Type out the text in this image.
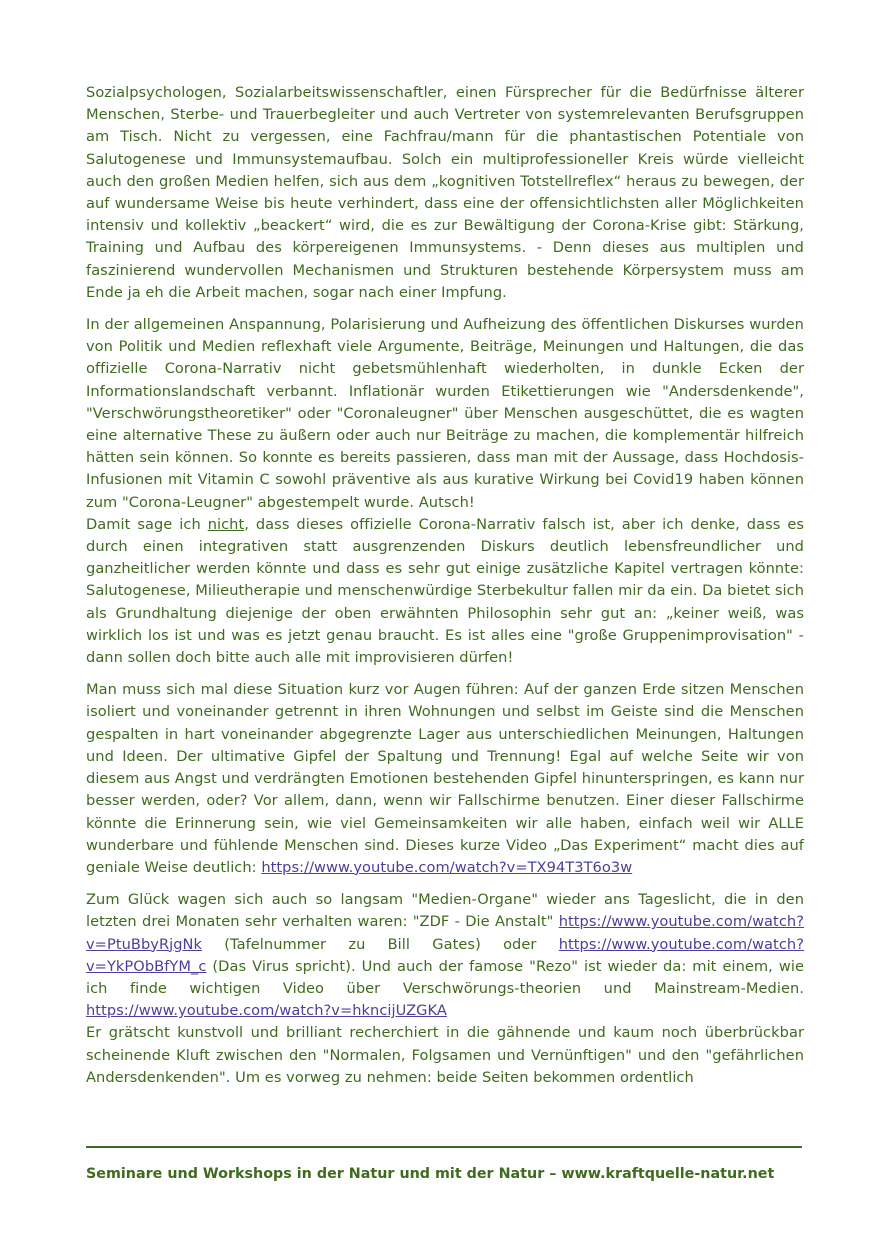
Sozialpsychologen, Sozialarbeitswissenschaftler, einen Fürsprecher für die Bedürfnisse älterer Menschen, Sterbe- und Trauerbegleiter und auch Vertreter von systemrelevanten Berufsgruppen am Tisch. Nicht zu vergessen, eine Fachfrau/mann für die phantastischen Potentiale von Salutogenese und Immunsystemaufbau. Solch ein multiprofessioneller Kreis würde vielleicht auch den großen Medien helfen, sich aus dem „kognitiven Totstellreflex“ heraus zu bewegen, der auf wundersame Weise bis heute verhindert, dass eine der offensichtlichsten aller Möglichkeiten intensiv und kollektiv „beackert“ wird, die es zur Bewältigung der Corona-Krise gibt: Stärkung, Training und Aufbau des körpereigenen Immunsystems. - Denn dieses aus multiplen und faszinierend wundervollen Mechanismen und Strukturen bestehende Körpersystem muss am Ende ja eh die Arbeit machen, sogar nach einer Impfung.

In der allgemeinen Anspannung, Polarisierung und Aufheizung des öffentlichen Diskurses wurden von Politik und Medien reflexhaft viele Argumente, Beiträge, Meinungen und Haltungen, die das offizielle Corona-Narrativ nicht gebetsmühlenhaft wiederholten, in dunkle Ecken der Informationslandschaft verbannt. Inflationär wurden Etikettierungen wie "Andersdenkende", "Verschwörungstheoretiker" oder "Coronaleugner" über Menschen ausgeschüttet, die es wagten eine alternative These zu äußern oder auch nur Beiträge zu machen, die komplementär hilfreich hätten sein können. So konnte es bereits passieren, dass man mit der Aussage, dass Hochdosis-Infusionen mit Vitamin C sowohl präventive als aus kurative Wirkung bei Covid19 haben können zum "Corona-Leugner" abgestempelt wurde. Autsch!

Damit sage ich nicht, dass dieses offizielle Corona-Narrativ falsch ist, aber ich denke, dass es durch einen integrativen statt ausgrenzenden Diskurs deutlich lebensfreundlicher und ganzheitlicher werden könnte und dass es sehr gut einige zusätzliche Kapitel vertragen könnte: Salutogenese, Milieutherapie und menschenwürdige Sterbekultur fallen mir da ein. Da bietet sich als Grundhaltung diejenige der oben erwähnten Philosophin sehr gut an: „keiner weiß, was wirklich los ist und was es jetzt genau braucht. Es ist alles eine "große Gruppenimprovisation" - dann sollen doch bitte auch alle mit improvisieren dürfen!

Man muss sich mal diese Situation kurz vor Augen führen: Auf der ganzen Erde sitzen Menschen isoliert und voneinander getrennt in ihren Wohnungen und selbst im Geiste sind die Menschen gespalten in hart voneinander abgegrenzte Lager aus unterschiedlichen Meinungen, Haltungen und Ideen. Der ultimative Gipfel der Spaltung und Trennung! Egal auf welche Seite wir von diesem aus Angst und verdrängten Emotionen bestehenden Gipfel hinunterspringen, es kann nur besser werden, oder? Vor allem, dann, wenn wir Fallschirme benutzen. Einer dieser Fallschirme könnte die Erinnerung sein, wie viel Gemeinsamkeiten wir alle haben, einfach weil wir ALLE wunderbare und fühlende Menschen sind. Dieses kurze Video „Das Experiment“ macht dies auf geniale Weise deutlich: https://www.youtube.com/watch?v=TX94T3T6o3w

Zum Glück wagen sich auch so langsam "Medien-Organe" wieder ans Tageslicht, die in den letzten drei Monaten sehr verhalten waren: "ZDF - Die Anstalt" https://www.youtube.com/watch?v=PtuBbyRjgNk (Tafelnummer zu Bill Gates) oder https://www.youtube.com/watch?v=YkPObBfYM_c (Das Virus spricht). Und auch der famose "Rezo" ist wieder da: mit einem, wie ich finde wichtigen Video über Verschwörungs-theorien und Mainstream-Medien. https://www.youtube.com/watch?v=hkncijUZGKA

Er grätscht kunstvoll und brilliant recherchiert in die gähnende und kaum noch überbrückbar scheinende Kluft zwischen den "Normalen, Folgsamen und Vernünftigen" und den "gefährlichen Andersdenkenden". Um es vorweg zu nehmen: beide Seiten bekommen ordentlich

Seminare und Workshops in der Natur und mit der Natur – www.kraftquelle-natur.net
